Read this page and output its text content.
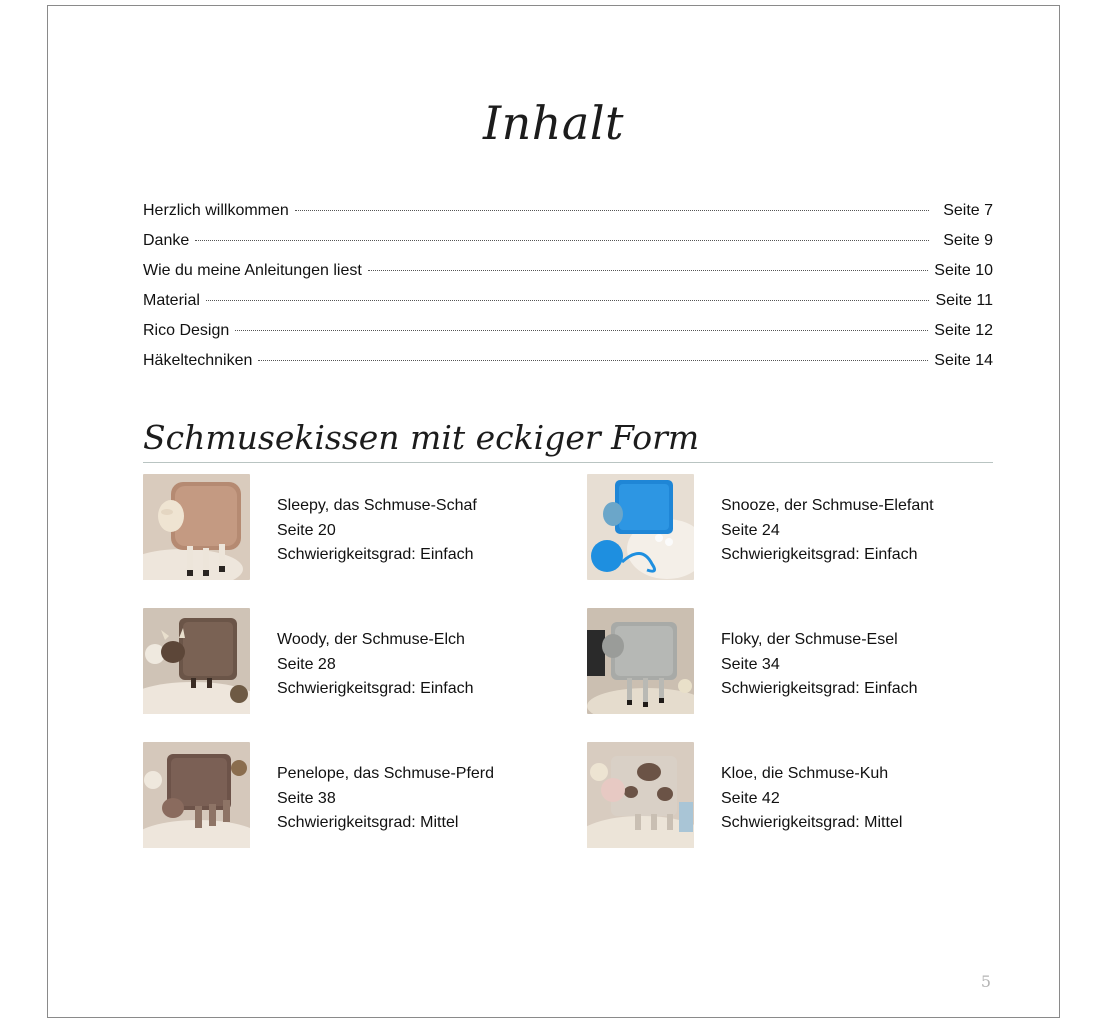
Inhalt
Herzlich willkommen	Seite 7
Danke	Seite 9
Wie du meine Anleitungen liest	Seite 10
Material	Seite 11
Rico Design	Seite 12
Häkeltechniken	Seite 14
Schmusekissen mit eckiger Form
Sleepy, das Schmuse-Schaf
Seite 20
Schwierigkeitsgrad: Einfach
Snooze, der Schmuse-Elefant
Seite 24
Schwierigkeitsgrad: Einfach
Woody, der Schmuse-Elch
Seite 28
Schwierigkeitsgrad: Einfach
Floky, der Schmuse-Esel
Seite 34
Schwierigkeitsgrad: Einfach
Penelope, das Schmuse-Pferd
Seite 38
Schwierigkeitsgrad: Mittel
Kloe, die Schmuse-Kuh
Seite 42
Schwierigkeitsgrad: Mittel
5
